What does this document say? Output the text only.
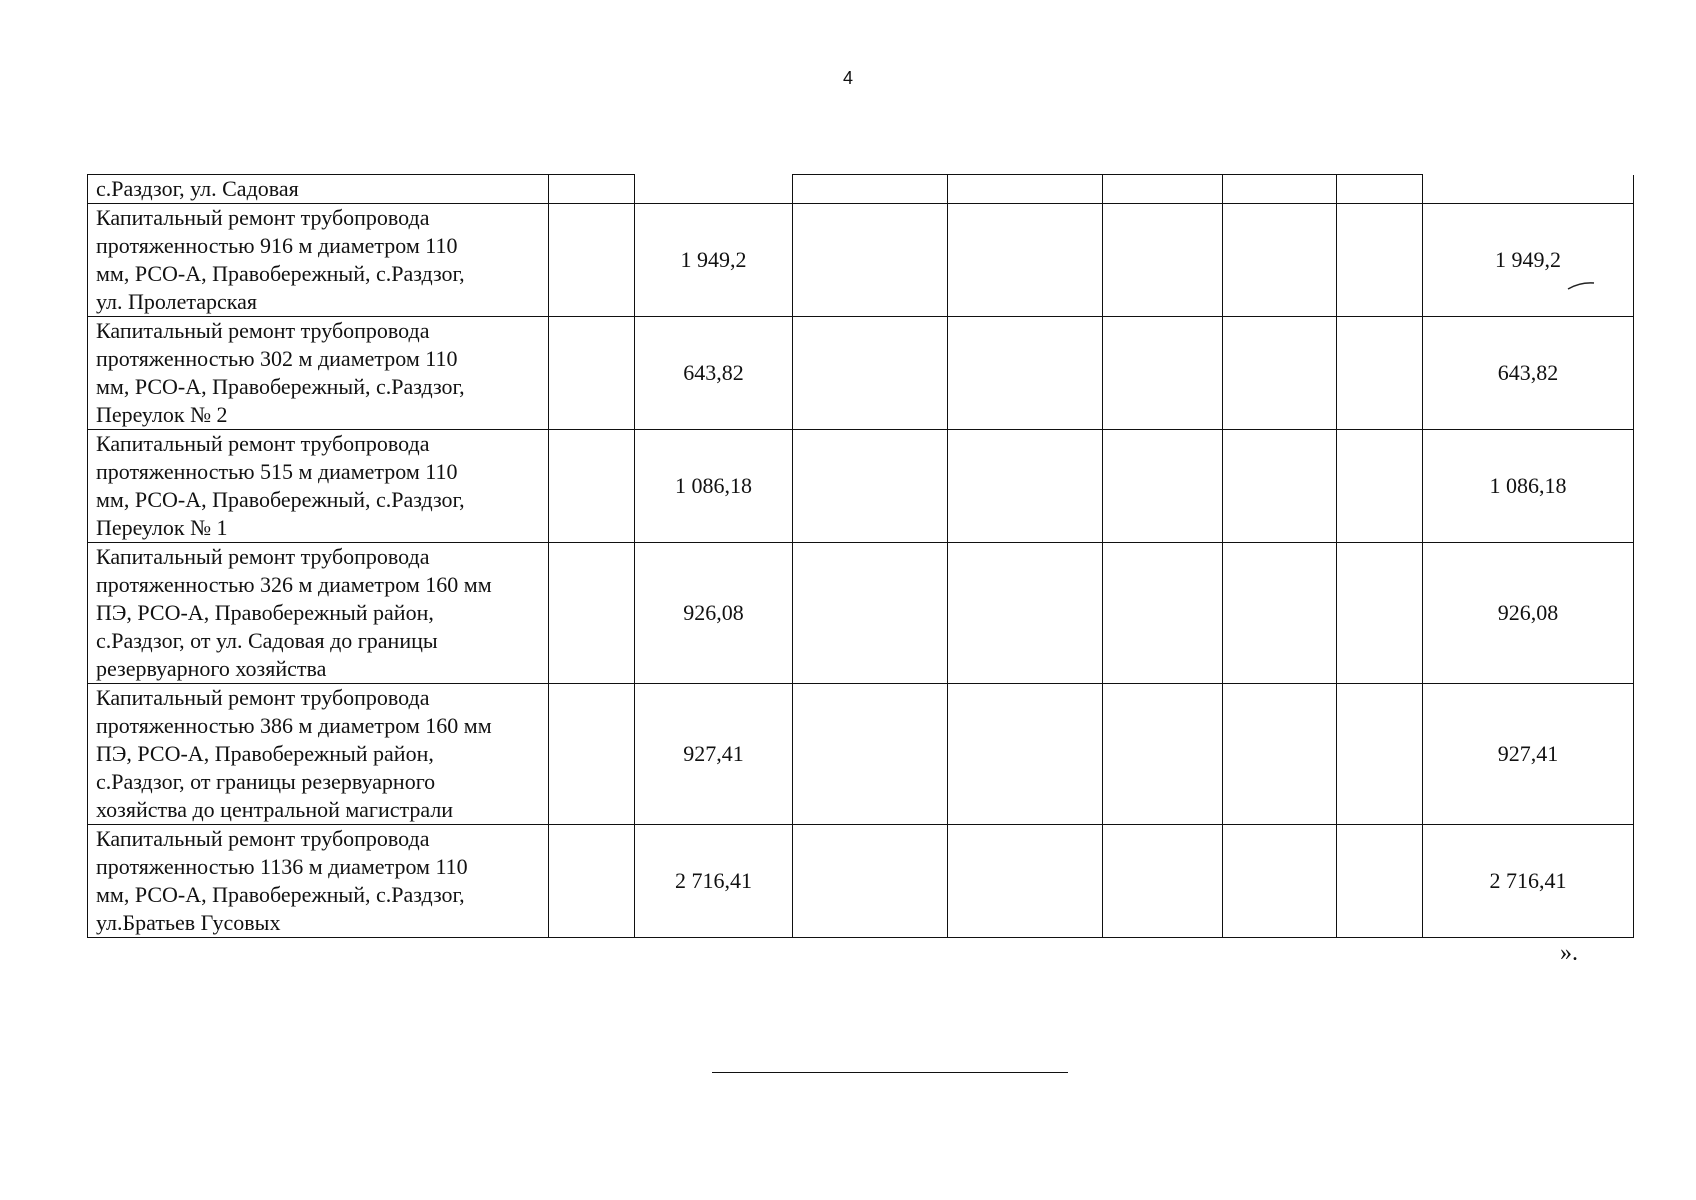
4
с.Раздзог, ул. Садовая								
Капитальный ремонт трубопровода
протяженностью 916 м диаметром 110
мм, РСО-А, Правобережный, с.Раздзог,
ул. Пролетарская		1 949,2						1 949,2
Капитальный ремонт трубопровода
протяженностью 302 м диаметром 110
мм, РСО-А, Правобережный, с.Раздзог,
Переулок № 2		643,82						643,82
Капитальный ремонт трубопровода
протяженностью 515 м диаметром 110
мм, РСО-А, Правобережный, с.Раздзог,
Переулок № 1		1 086,18						1 086,18
Капитальный ремонт трубопровода
протяженностью 326 м диаметром 160 мм
ПЭ, РСО-А, Правобережный район,
с.Раздзог, от ул. Садовая до границы
резервуарного хозяйства		926,08						926,08
Капитальный ремонт трубопровода
протяженностью 386 м диаметром 160 мм
ПЭ, РСО-А, Правобережный район,
с.Раздзог, от границы резервуарного
хозяйства до центральной магистрали		927,41						927,41
Капитальный ремонт трубопровода
протяженностью 1136 м диаметром 110
мм, РСО-А, Правобережный, с.Раздзог,
ул.Братьев Гусовых		2 716,41						2 716,41
».
